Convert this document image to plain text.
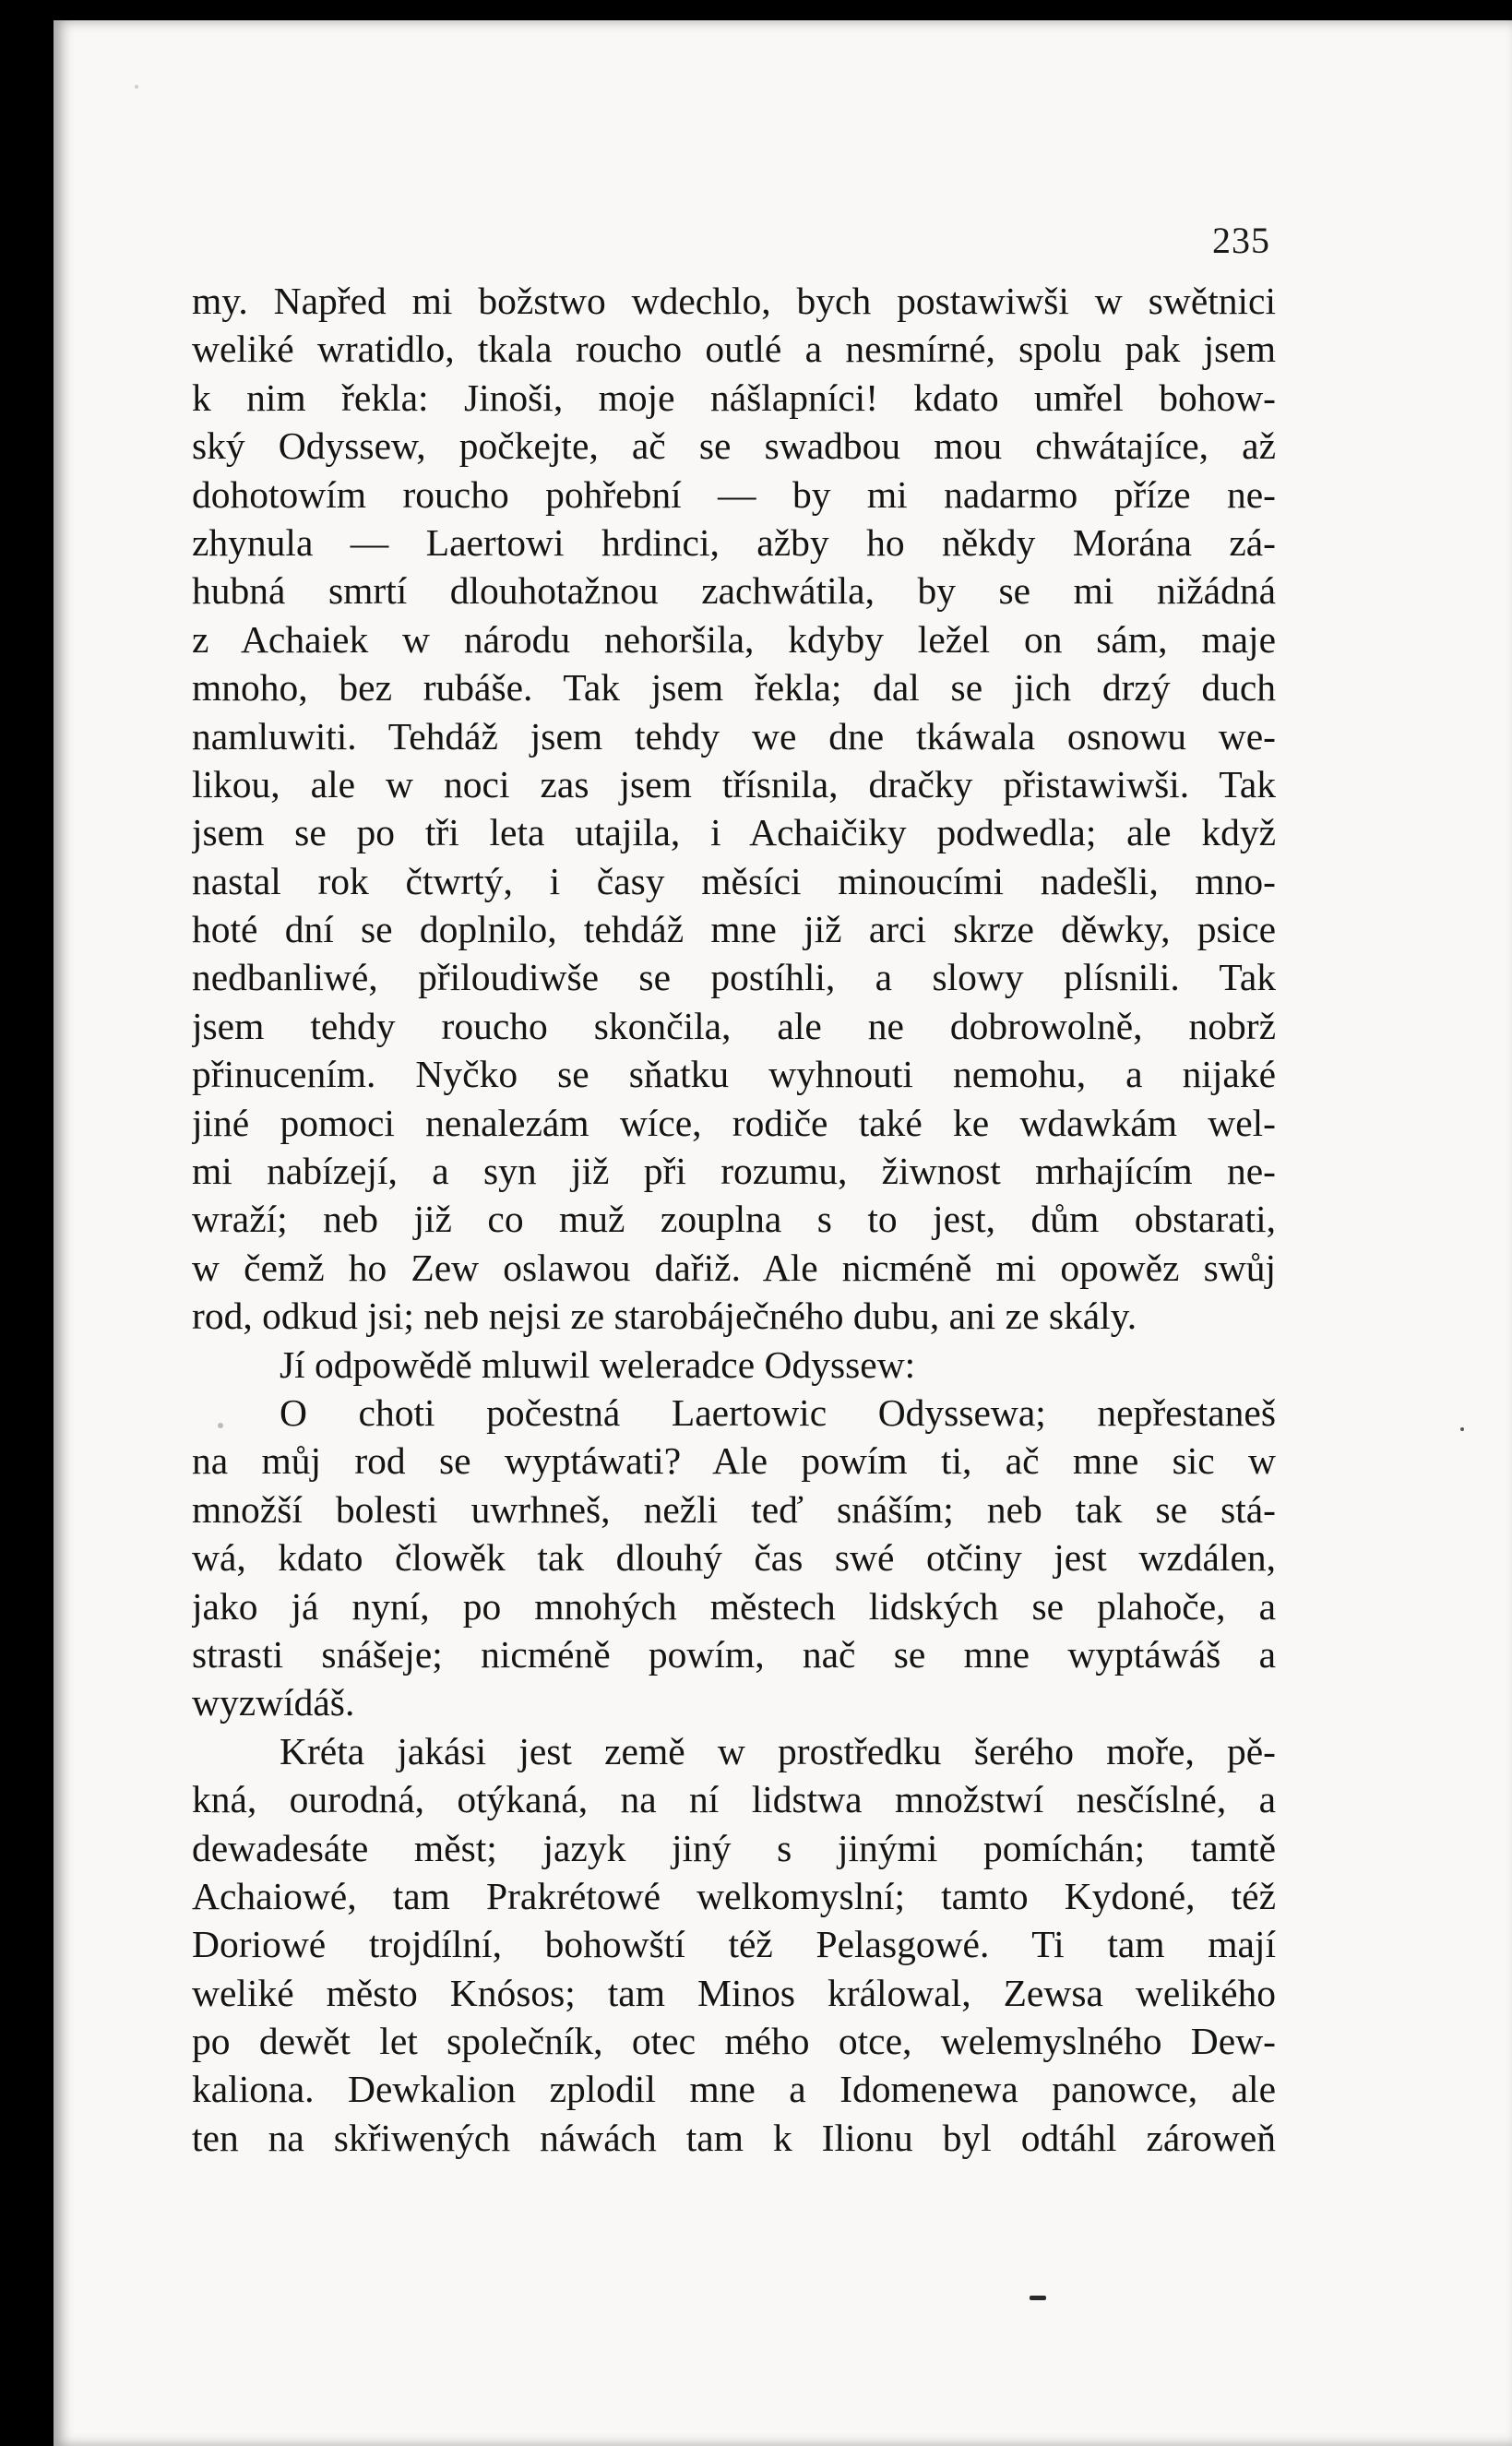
235
my. Napřed mi božstwo wdechlo, bych postawiwši w swětnici
weliké wratidlo, tkala roucho outlé a nesmírné, spolu pak jsem
k nim řekla: Jinoši, moje nášlapníci! kdato umřel bohow-
ský Odyssew, počkejte, ač se swadbou mou chwátajíce, až
dohotowím roucho pohřební — by mi nadarmo příze ne-
zhynula — Laertowi hrdinci, ažby ho někdy Morána zá-
hubná smrtí dlouhotažnou zachwátila, by se mi nižádná
z Achaiek w národu nehoršila, kdyby ležel on sám, maje
mnoho, bez rubáše. Tak jsem řekla; dal se jich drzý duch
namluwiti. Tehdáž jsem tehdy we dne tkáwala osnowu we-
likou, ale w noci zas jsem třísnila, dračky přistawiwši. Tak
jsem se po tři leta utajila, i Achaičiky podwedla; ale když
nastal rok čtwrtý, i časy měsíci minoucími nadešli, mno-
hoté dní se doplnilo, tehdáž mne již arci skrze děwky, psice
nedbanliwé, přiloudiwše se postíhli, a slowy plísnili. Tak
jsem tehdy roucho skončila, ale ne dobrowolně, nobrž
přinucením. Nyčko se sňatku wyhnouti nemohu, a nijaké
jiné pomoci nenalezám wíce, rodiče také ke wdawkám wel-
mi nabízejí, a syn již při rozumu, žiwnost mrhajícím ne-
wraží; neb již co muž zouplna s to jest, dům obstarati,
w čemž ho Zew oslawou dařiž. Ale nicméně mi opowěz swůj
rod, odkud jsi; neb nejsi ze starobáječného dubu, ani ze skály.
Jí odpowědě mluwil weleradce Odyssew:
O choti počestná Laertowic Odyssewa; nepřestaneš
na můj rod se wyptáwati? Ale powím ti, ač mne sic w
množší bolesti uwrhneš, nežli teď snáším; neb tak se stá-
wá, kdato člowěk tak dlouhý čas swé otčiny jest wzdálen,
jako já nyní, po mnohých městech lidských se plahoče, a
strasti snášeje; nicméně powím, nač se mne wyptáwáš a
wyzwídáš.
Kréta jakási jest země w prostředku šerého moře, pě-
kná, ourodná, otýkaná, na ní lidstwa množstwí nesčíslné, a
dewadesáte měst; jazyk jiný s jinými pomíchán; tamtě
Achaiowé, tam Prakrétowé welkomyslní; tamto Kydoné, též
Doriowé trojdílní, bohowští též Pelasgowé. Ti tam mají
weliké město Knósos; tam Minos králowal, Zewsa welikého
po dewět let společník, otec mého otce, welemyslného Dew-
kaliona. Dewkalion zplodil mne a Idomenewa panowce, ale
ten na skřiwených náwách tam k Ilionu byl odtáhl zároweň
